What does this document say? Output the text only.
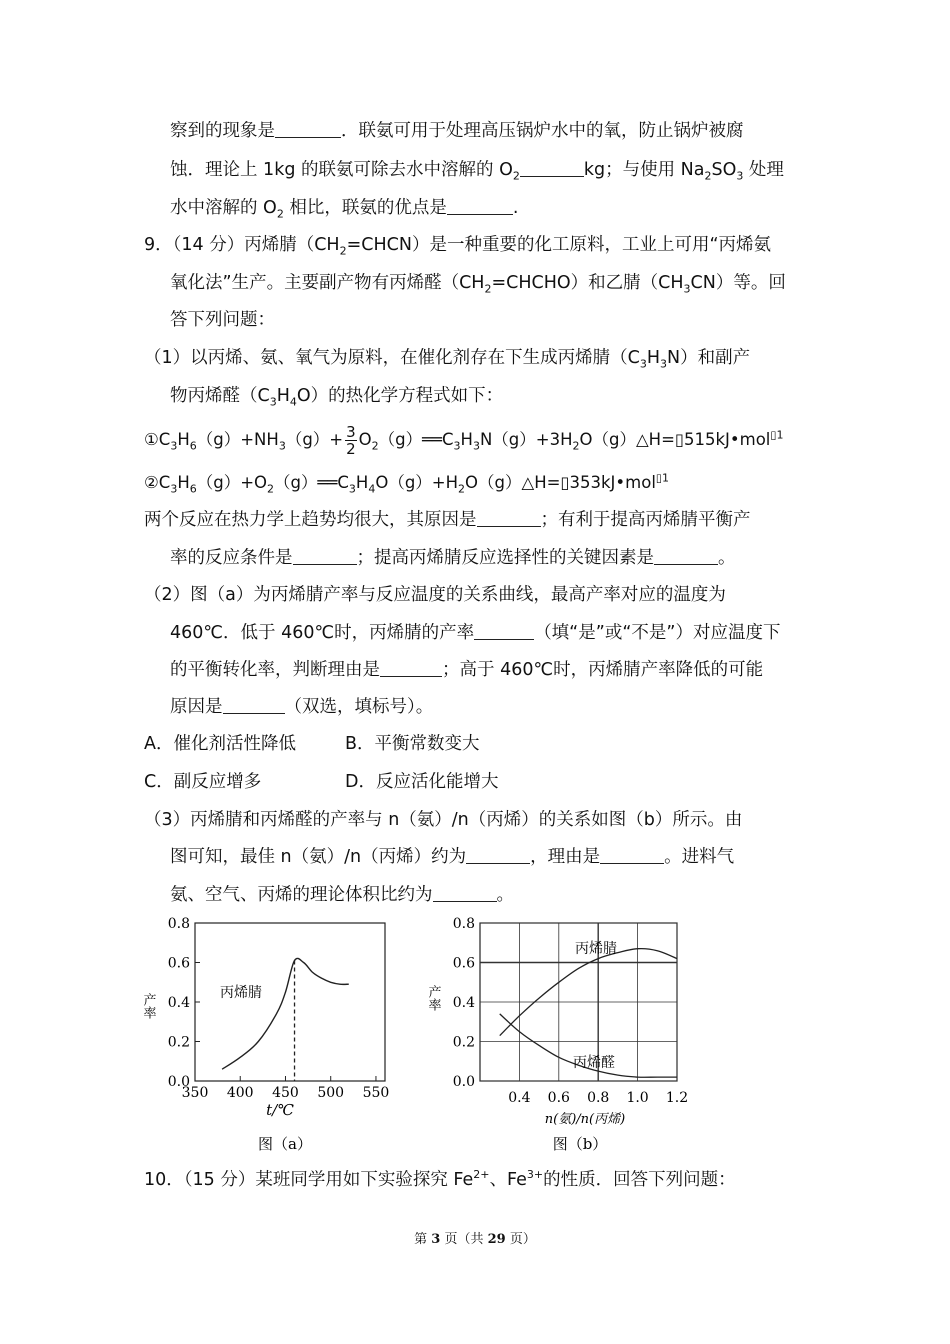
察到的现象是	．联氨可用于处理高压锅炉水中的氧，防止锅炉被腐
蚀．理论上 1kg 的联氨可除去水中溶解的 $O_2$	kg；与使用 $Na_2SO_3$ 处理
水中溶解的 $O_2$ 相比，联氨的优点是	.
9．（14 分）丙烯腈$(CH_2=CHCN)$是一种重要的化工原料，工业上可用“丙烯氨
氧化法”生产。主要副产物有丙烯醛$(CH_2=CHCHO)$和乙腈$(CH_3CN)$等。回
答下列问题：
（1）以丙烯、氨、氧气为原料，在催化剂存在下生成丙烯腈$(C_3H_3N)$和副产
物丙烯醛$(C_3H_4O)$的热化学方程式如下：
$①C_3H_6(g)+NH_3(g)+ \frac{3}{2}$ $O_2(g)══C_3H_3N(g)+3H_2O(g)\triangle H=▯515kJ•mol^{▯1}$
$②C_3H_6(g)+O_2(g)══C_3H_4O(g)+H_2O(g)\triangle H=▯353kJ•mol^{▯1}$
两个反应在热力学上趋势均很大，其原因是	；有利于提高丙烯腈平衡产
率的反应条件是	；提高丙烯腈反应选择性的关键因素是	。
（2）图（a）为丙烯腈产率与反应温度的关系曲线，最高产率对应的温度为
460℃．低于 460℃时，丙烯腈的产率	（填“是”或“不是”）对应温度下
的平衡转化率，判断理由是	；高于 460℃时，丙烯腈产率降低的可能
原因是	（双选，填标号）。
A．催化剂活性降低	B．平衡常数变大
C．副反应增多	D．反应活化能增大
（3）丙烯腈和丙烯醛的产率与 n（氨）/n（丙烯）的关系如图（b）所示。由
图可知，最佳 n（氨）/n（丙烯）约为	，理由是	。进料气
氨、空气、丙烯的理论体积比约为	。
0.0
0.2
0.4
0.6
0.8
350 400 450 500 550
丙烯腈
产率
t/℃
图（a）
0.0
0.2
0.4
0.6
0.8
0.4 0.6 0.8 1.0 1.2
丙烯腈
丙烯醛
产率
n(氨)/n(丙烯)
图（b）
10．（15 分）某班同学用如下实验探究 $Fe^{2+}$、$Fe^{3+}$的性质．回答下列问题：
第 3 页（共 29 页）
